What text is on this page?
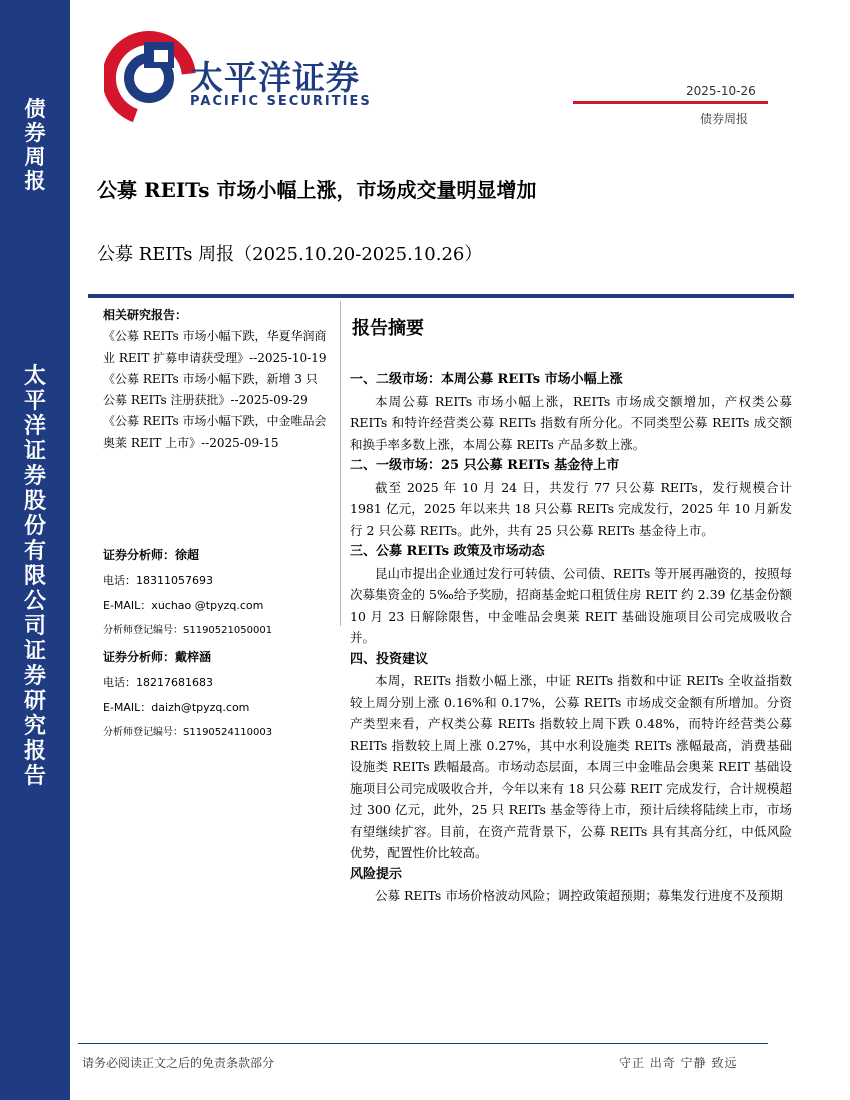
债
券
周
报
太
平
洋
证
券
股
份
有
限
公
司
证
券
研
究
报
告
太平洋证券
PACIFIC SECURITIES
2025-10-26
债券周报
公募 REITs 市场小幅上涨，市场成交量明显增加
公募 REITs 周报（2025.10.20-2025.10.26）
相关研究报告：

《公募 REITs 市场小幅下跌，华夏华润商业 REIT 扩募申请获受理》--2025-10-19

《公募 REITs 市场小幅下跌，新增 3 只公募 REITs 注册获批》--2025-09-29

《公募 REITs 市场小幅下跌，中金唯品会奥莱 REIT 上市》--2025-09-15

证券分析师：徐超
电话：18311057693
E-MAIL：xuchao @tpyzq.com
分析师登记编号：S1190521050001
证券分析师：戴梓涵
电话：18217681683
E-MAIL：daizh@tpyzq.com
分析师登记编号：S1190524110003
报告摘要
一、二级市场：本周公募 REITs 市场小幅上涨
本周公募 REITs 市场小幅上涨，REITs 市场成交额增加，产权类公募 REITs 和特许经营类公募 REITs 指数有所分化。不同类型公募 REITs 成交额和换手率多数上涨，本周公募 REITs 产品多数上涨。
二、一级市场：25 只公募 REITs 基金待上市
截至 2025 年 10 月 24 日，共发行 77 只公募 REITs，发行规模合计 1981 亿元，2025 年以来共 18 只公募 REITs 完成发行，2025 年 10 月新发行 2 只公募 REITs。此外，共有 25 只公募 REITs 基金待上市。
三、公募 REITs 政策及市场动态
昆山市提出企业通过发行可转债、公司债、REITs 等开展再融资的，按照每次募集资金的 5‰给予奖励，招商基金蛇口租赁住房 REIT 约 2.39 亿基金份额 10 月 23 日解除限售，中金唯品会奥莱 REIT 基础设施项目公司完成吸收合并。
四、投资建议
本周，REITs 指数小幅上涨，中证 REITs 指数和中证 REITs 全收益指数较上周分别上涨 0.16%和 0.17%，公募 REITs 市场成交金额有所增加。分资产类型来看，产权类公募 REITs 指数较上周下跌 0.48%，而特许经营类公募 REITs 指数较上周上涨 0.27%，其中水利设施类 REITs 涨幅最高，消费基础设施类 REITs 跌幅最高。市场动态层面，本周三中金唯品会奥莱 REIT 基础设施项目公司完成吸收合并，今年以来有 18 只公募 REIT 完成发行，合计规模超过 300 亿元，此外，25 只 REITs 基金等待上市，预计后续将陆续上市，市场有望继续扩容。目前，在资产荒背景下，公募 REITs 具有其高分红，中低风险优势，配置性价比较高。
风险提示
公募 REITs 市场价格波动风险；调控政策超预期；募集发行进度不及预期
请务必阅读正文之后的免责条款部分	守正 出奇 宁静 致远
